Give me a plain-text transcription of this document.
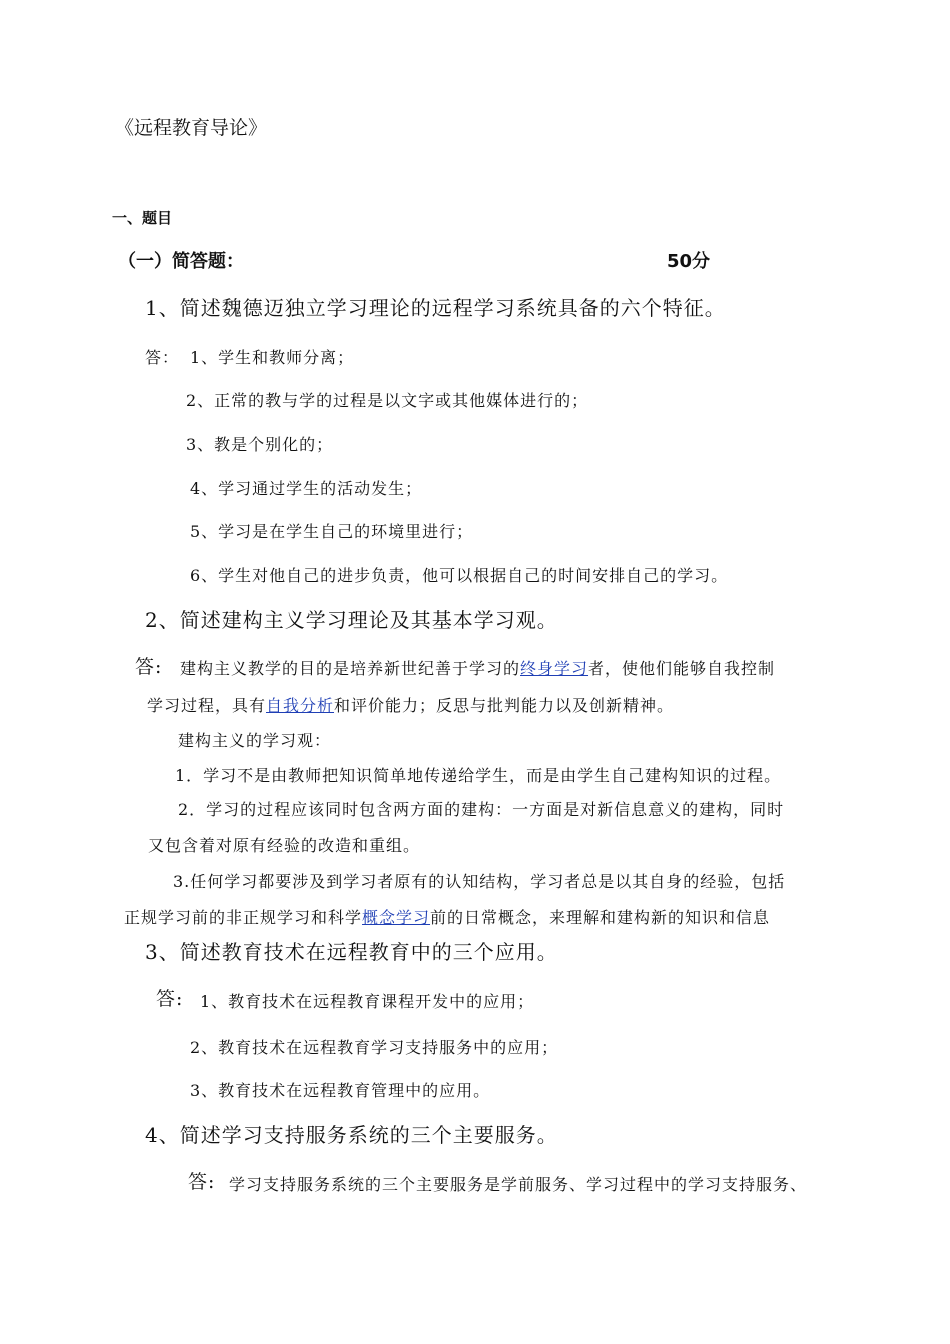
《远程教育导论》
一、题目
（一）简答题：	50分
1、简述魏德迈独立学习理论的远程学习系统具备的六个特征。
答： 1、学生和教师分离；
2、正常的教与学的过程是以文字或其他媒体进行的；
3、教是个别化的；
4、学习通过学生的活动发生；
5、学习是在学生自己的环境里进行；
6、学生对他自己的进步负责，他可以根据自己的时间安排自己的学习。
2、简述建构主义学习理论及其基本学习观。
答: 建构主义教学的目的是培养新世纪善于学习的终身学习者，使他们能够自我控制
学习过程，具有自我分析和评价能力；反思与批判能力以及创新精神。
建构主义的学习观：
1．学习不是由教师把知识简单地传递给学生，而是由学生自己建构知识的过程。
2．学习的过程应该同时包含两方面的建构：一方面是对新信息意义的建构，同时
又包含着对原有经验的改造和重组。
3.任何学习都要涉及到学习者原有的认知结构，学习者总是以其自身的经验，包括
正规学习前的非正规学习和科学概念学习前的日常概念，来理解和建构新的知识和信息
3、简述教育技术在远程教育中的三个应用。
答: 1、教育技术在远程教育课程开发中的应用；
2、教育技术在远程教育学习支持服务中的应用；
3、教育技术在远程教育管理中的应用。
4、简述学习支持服务系统的三个主要服务。
答: 学习支持服务系统的三个主要服务是学前服务、学习过程中的学习支持服务、
